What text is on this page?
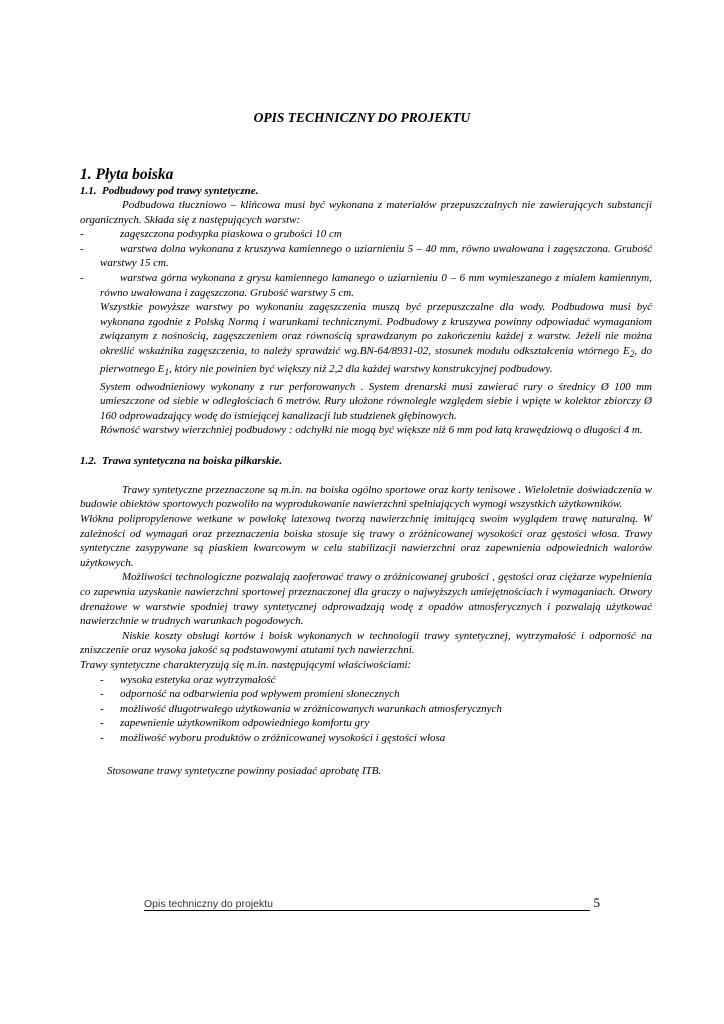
OPIS TECHNICZNY DO PROJEKTU

1. Płyta boiska

1.1. Podbudowy pod trawy syntetyczne.

Podbudowa tłuczniowo – klińcowa musi być wykonana z materiałów przepuszczalnych nie zawierających substancji organicznych. Składa się z następujących warstw:

-	zagęszczona podsypka piaskowa o grubości 10 cm
-	warstwa dolna wykonana z kruszywa kamiennego o uziarnieniu 5 – 40 mm, równo uwałowana i zagęszczona. Grubość warstwy 15 cm.
-	warstwa górna wykonana z grysu kamiennego łamanego o uziarnieniu 0 – 6 mm wymieszanego z miałem kamiennym, równo uwałowana i zagęszczona. Grubość warstwy 5 cm.

Wszystkie powyższe warstwy po wykonaniu zagęszczenia muszą być przepuszczalne dla wody. Podbudowa musi być wykonana zgodnie z Polską Normą i warunkami technicznymi. Podbudowy z kruszywa powinny odpowiadać wymaganiom związanym z nośnością, zagęszczeniem oraz równością sprawdzanym po zakończeniu każdej z warstw. Jeżeli nie można określić wskaźnika zagęszczenia, to należy sprawdzić wg.BN-64/8931-02, stosunek modułu odkształcenia wtórnego $E_2$, do pierwotnego $E_1$, który nie powinien być większy niż 2,2 dla każdej warstwy konstrukcyjnej podbudowy.

System odwodnieniowy wykonany z rur perforowanych . System drenarski musi zawierać rury o średnicy Ø 100 mm umieszczone od siebie w odległościach 6 metrów. Rury ułożone równolegle względem siebie i wpięte w kolektor zbiorczy Ø 160 odprowadzający wodę do istniejącej kanalizacji lub studzienek głębinowych.

Równość warstwy wierzchniej podbudowy : odchyłki nie mogą być większe niż 6 mm pod łatą krawędziową o długości 4 m.

1.2. Trawa syntetyczna na boiska piłkarskie.

Trawy syntetyczne przeznaczone są m.in. na boiska ogólno sportowe oraz korty tenisowe . Wieloletnie doświadczenia w budowie obiektów sportowych pozwoliło na wyprodukowanie nawierzchni spełniających wymogi wszystkich użytkowników.

Włókna polipropylenowe wetkane w powłokę latexową tworzą nawierzchnię imitującą swoim wyglądem trawę naturalną. W zależności od wymagań oraz przeznaczenia boiska stosuje się trawy o zróżnicowanej wysokości oraz gęstości włosa. Trawy syntetyczne zasypywane są piaskiem kwarcowym w celu stabilizacji nawierzchni oraz zapewnienia odpowiednich walorów użytkowych.

Możliwości technologiczne pozwalają zaoferować trawy o zróżnicowanej grubości , gęstości oraz ciężarze wypełnienia co zapewnia uzyskanie nawierzchni sportowej przeznaczonej dla graczy o najwyższych umiejętnościach i wymaganiach. Otwory drenażowe w warstwie spodniej trawy syntetycznej odprowadzają wodę z opadów atmosferycznych i pozwalają użytkować nawierzchnie w trudnych warunkach pogodowych.

Niskie koszty obsługi kortów i boisk wykonanych w technologii trawy syntetycznej, wytrzymałość i odporność na zniszczenie oraz wysoka jakość są podstawowymi atutami tych nawierzchni.

Trawy syntetyczne charakteryzują się m.in. następującymi właściwościami:

-	wysoka estetyka oraz wytrzymałość
-	odporność na odbarwienia pod wpływem promieni słonecznych
-	możliwość długotrwałego użytkowania w zróżnicowanych warunkach atmosferycznych
-	zapewnienie użytkownikom odpowiedniego komfortu gry
-	możliwość wyboru produktów o zróżnicowanej wysokości i gęstości włosa

Stosowane trawy syntetyczne powinny posiadać aprobatę ITB.

Opis techniczny do projektu	5
